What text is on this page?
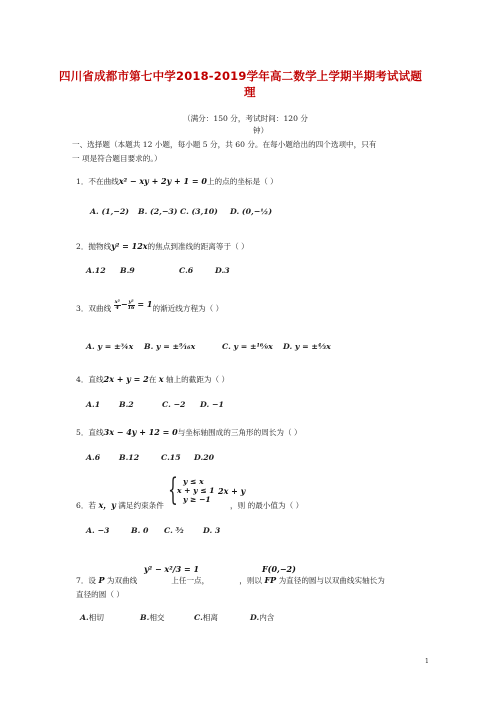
四川省成都市第七中学2018-2019学年高二数学上学期半期考试试题
理
（满分：150 分，考试时间：120 分
钟）
一、选择题（本题共 12 小题，每小题 5 分，共 60 分。在每小题给出的四个选项中，只有
一 项是符合题目要求的。）
1．不在曲线x² − xy + 2y + 1 = 0上的点的坐标是（ ）
A. (1,−2) B. (2,−3) C. (3,10) D. (0,−½)
2．抛物线y² = 12x的焦点到准线的距离等于（ ）
A.12 B.9	C.6	D.3
3．双曲线 $\frac{\text{x²}}{4} - \frac{\text{y²}}{16} = 1$的渐近线方程为（ ）
A. y = ±¾x B. y = ±⁹⁄₁₆x	C. y = ±¹⁶⁄₉x D. y = ±⁴⁄₃x
4．直线2x + y = 2在 x 轴上的截距为（ ）
A.1 B.2	C. −2 D. −1
5．直线3x − 4y + 12 = 0与坐标轴围成的三角形的周长为（ ）
A.6 B.12	C.15 D.20
6．若 x，y 满足约束条件 { y ≤ x
x + y ≤ 1
y ≥ −1
2x + y
，则 的最小值为（ ）
A. −3	B. 0 C. ³⁄₂ D. 3
y² − x²/3 = 1	F(0,−2)
7．设 P 为双曲线	上任一点，	，则以 FP 为直径的圆与以双曲线实轴长为
直径的圆（ ）
A.相切	B.相交	C.相离	D.内含
1
